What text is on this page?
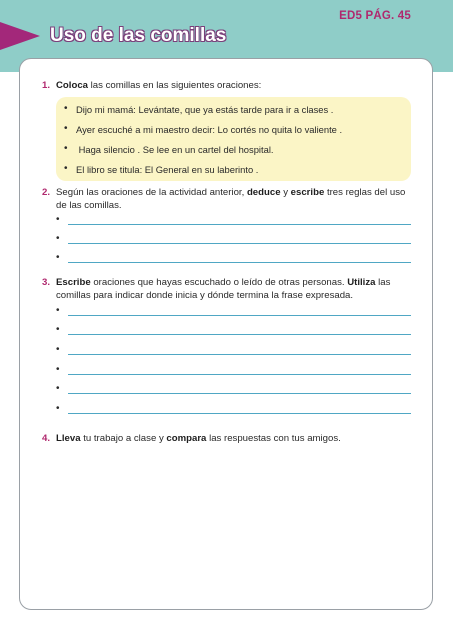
ED5 PÁG. 45
Uso de las comillas
1. Coloca las comillas en las siguientes oraciones:
• Dijo mi mamá: Levántate, que ya estás tarde para ir a clases .
• Ayer escuché a mi maestro decir: Lo cortés no quita lo valiente .
• Haga silencio . Se lee en un cartel del hospital.
• El libro se titula: El General en su laberinto .
2. Según las oraciones de la actividad anterior, deduce y escribe tres reglas del uso de las comillas.
•
•
•
3. Escribe oraciones que hayas escuchado o leído de otras personas. Utiliza las comillas para indicar donde inicia y dónde termina la frase expresada.
•
•
•
•
•
•
4. Lleva tu trabajo a clase y compara las respuestas con tus amigos.
